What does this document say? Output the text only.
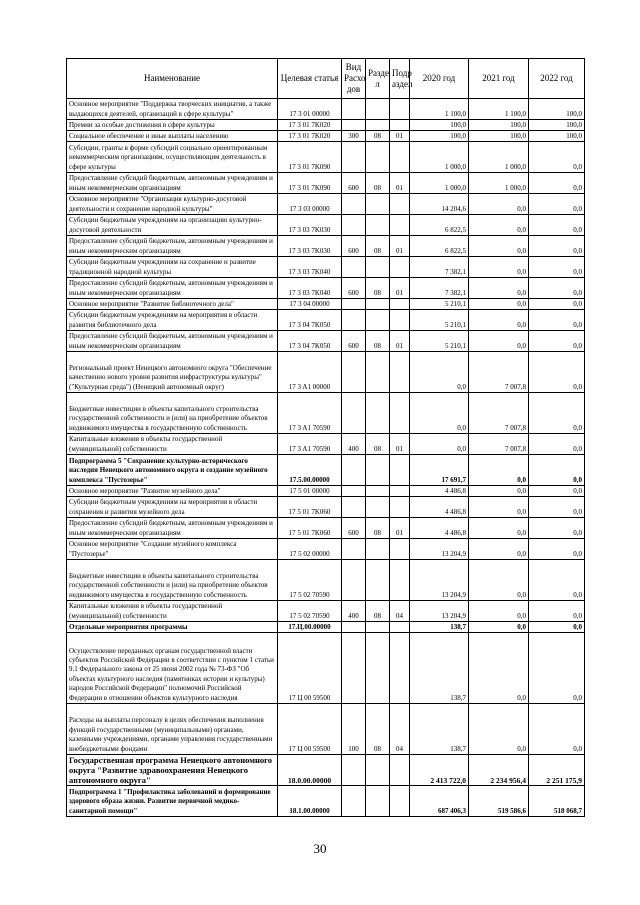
Наименование	Целевая статья	Вид Расхо дов	Разде л	Подр аздел	2020 год	2021 год	2022 год
Основное мероприятие "Поддержка творческих инициатив, а также выдающихся деятелей, организаций в сфере культуры"	17 3 01 00000				1 100,0	1 100,0	100,0
Премии за особые достижения в сфере культуры	17 3 01 7K020				100,0	100,0	100,0
Социальное обеспечение и иные выплаты населению	17 3 01 7K020	300	08	01	100,0	100,0	100,0
Субсидии, гранты в форме субсидий социально ориентированным некоммерческим организациям, осуществляющим деятельность в сфере культуры	17 3 01 7K090				1 000,0	1 000,0	0,0
Предоставление субсидий бюджетным, автономным учреждениям и иным некоммерческим организациям	17 3 01 7K090	600	08	01	1 000,0	1 000,0	0,0
Основное мероприятие "Организация культурно-досуговой деятельности и сохранение народной культуры"	17 3 03 00000				14 204,6	0,0	0,0
Субсидии бюджетным учреждениям на организацию культурно-досуговой деятельности	17 3 03 7K030				6 822,5	0,0	0,0
Предоставление субсидий бюджетным, автономным учреждениям и иным некоммерческим организациям	17 3 03 7K030	600	08	01	6 822,5	0,0	0,0
Субсидии бюджетным учреждениям на сохранение и развитие традиционной народной культуры	17 3 03 7K040				7 382,1	0,0	0,0
Предоставление субсидий бюджетным, автономным учреждениям и иным некоммерческим организациям	17 3 03 7K040	600	08	01	7 382,1	0,0	0,0
Основное мероприятие "Развитие библиотечного дела"	17 3 04 00000				5 210,1	0,0	0,0
Субсидии бюджетным учреждениям на мероприятия в области развития библиотечного дела	17 3 04 7K050				5 210,1	0,0	0,0
Предоставление субсидий бюджетным, автономным учреждениям и иным некоммерческим организациям	17 3 04 7K050	600	08	01	5 210,1	0,0	0,0
Региональный проект Ненецкого автономного округа "Обеспечение качественно нового уровня развития инфраструктуры культуры" ("Культурная среда") (Ненецкий автономный округ)	17 3 A1 00000				0,0	7 007,8	0,0
Бюджетные инвестиции в объекты капитального строительства государственной собственности и (или) на приобретение объектов недвижимого имущества в государственную собственность	17 3 A1 70590				0,0	7 007,8	0,0
Капитальные вложения в объекты государственной (муниципальной) собственности	17 3 A1 70590	400	08	01	0,0	7 007,8	0,0
Подпрограмма 5 "Сохранение культурно-исторического наследия Ненецкого автономного округа и создание музейного комплекса "Пустозерье"	17.5.00.00000				17 691,7	0,0	0,0
Основное мероприятие "Развитие музейного дела"	17 5 01 00000				4 486,8	0,0	0,0
Субсидии бюджетным учреждениям на мероприятия в области сохранения и развития музейного дела	17 5 01 7K060				4 486,8	0,0	0,0
Предоставление субсидий бюджетным, автономным учреждениям и иным некоммерческим организациям	17 5 01 7K060	600	08	01	4 486,8	0,0	0,0
Основное мероприятие "Создание музейного комплекса "Пустозерье"	17 5 02 00000				13 204,9	0,0	0,0
Бюджетные инвестиции в объекты капитального строительства государственной собственности и (или) на приобретение объектов недвижимого имущества в государственную собственность	17 5 02 70590				13 204,9	0,0	0,0
Капитальные вложения в объекты государственной (муниципальной) собственности	17 5 02 70590	400	08	04	13 204,9	0,0	0,0
Отдельные мероприятия программы	17.Ц.00.00000				138,7	0,0	0,0
Осуществление переданных органам государственной власти субъектов Российской Федерации в соответствии с пунктом 1 статьи 9.1 Федерального закона от 25 июня 2002 года № 73-ФЗ "Об объектах культурного наследия (памятниках истории и культуры) народов Российской Федерации" полномочий Российской Федерации в отношении объектов культурного наследия	17 Ц 00 59500				138,7	0,0	0,0
Расходы на выплаты персоналу в целях обеспечения выполнения функций государственными (муниципальными) органами, казенными учреждениями, органами управления государственными внебюджетными фондами	17 Ц 00 59500	100	08	04	138,7	0,0	0,0
Государственная программа Ненецкого автономного округа "Развитие здравоохранения Ненецкого автономного округа"	18.0.00.00000				2 413 722,0	2 234 956,4	2 251 175,9
Подпрограмма 1 "Профилактика заболеваний и формирование здорового образа жизни. Развитие первичной медико-санитарной помощи"	18.1.00.00000				687 406,3	519 586,6	518 068,7
30
